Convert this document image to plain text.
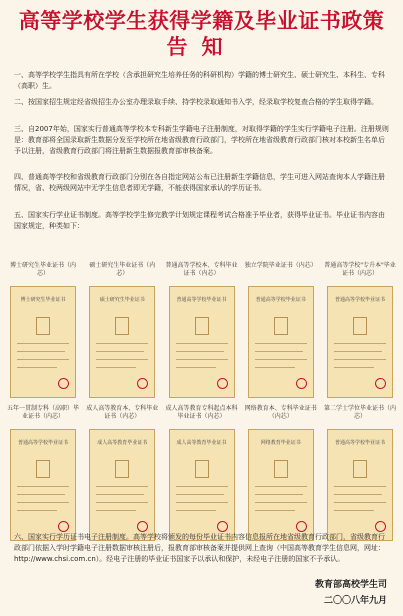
高等学校学生获得学籍及毕业证书政策
告知

一、高等学校学生指具有所在学校（含承担研究生培养任务的科研机构）学籍的博士研究生、硕士研究生、本科生、专科（高职）生。

二、按国家招生规定经省级招生办公室办理录取手续、持学校录取通知书入学，经录取学校复查合格的学生取得学籍。

三、自2007年始，国家实行普通高等学校本专科新生学籍电子注册制度，对取得学籍的学生实行学籍电子注册。注册规则是：教育部将全国录取新生数据分发至学校所在地省级教育行政部门，学校所在地省级教育行政部门核对本校新生名单后予以注册，省级教育行政部门将注册新生数据报教育部审核备案。

四、普通高等学校和省级教育行政部门分别在各自指定网站公布已注册新生学籍信息，学生可进入网站查询本人学籍注册情况，省、校两级网站中无学生信息者即无学籍，不能获得国家承认的学历证书。

五、国家实行学业证书制度。高等学校学生修完教学计划规定课程考试合格准予毕业者，获得毕业证书。毕业证书内容由国家规定，种类如下：

博士研究生毕业证书（内芯）
博士研究生毕业证书
硕士研究生毕业证书（内芯）
硕士研究生毕业证书
普通高等学校本、专科毕业证书（内芯）
普通高等学校毕业证书
独立学院毕业证书（内芯）
普通高等学校毕业证书
普通高等学校"专升本"毕业证书（内芯）
普通高等学校毕业证书
五年一贯制专科（高职）毕业证书（内芯）
普通高等学校毕业证书
成人高等教育本、专科毕业证书（内芯）
成人高等教育毕业证书
成人高等教育专科起点本科毕业证书（内芯）
成人高等教育毕业证书
网络教育本、专科毕业证书（内芯）
网络教育毕业证书
第二学士学位毕业证书（内芯）
普通高等学校毕业证书

六、国家实行学历证书电子注册制度。高等学校将颁发的每份毕业证书内容信息报所在地省级教育行政部门，省级教育行政部门依据入学时学籍电子注册数据审核注册后，报教育部审核备案并提供网上查询（中国高等教育学生信息网，网址：http://www.chsi.com.cn）。经电子注册的毕业证书国家予以承认和保护，未经电子注册的国家不予承认。

教育部高校学生司
二〇〇八年九月
